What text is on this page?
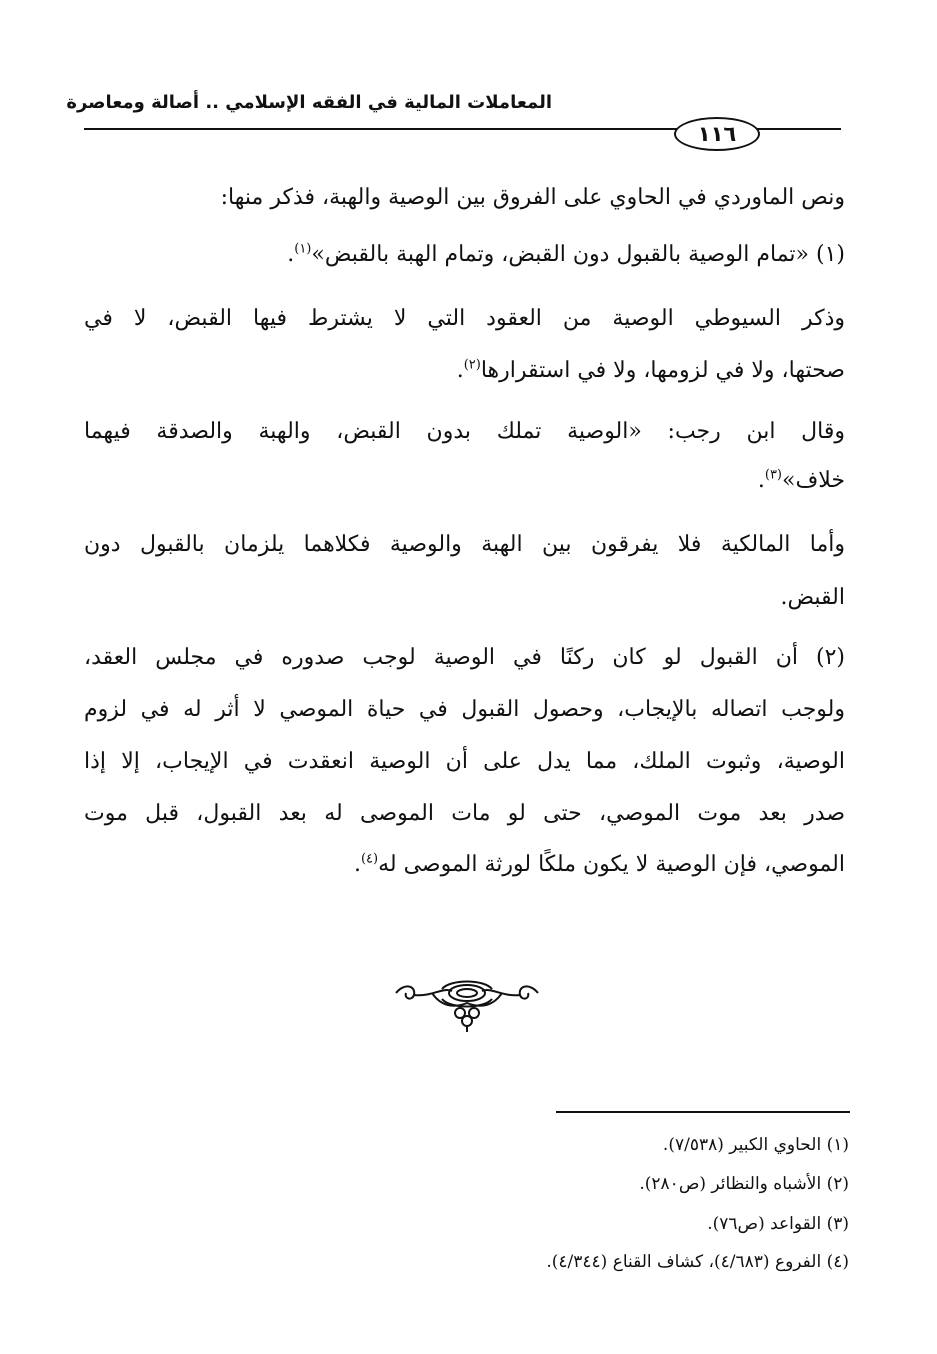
المعاملات المالية في الفقه الإسلامي .. أصالة ومعاصرة
١١٦
ونص الماوردي في الحاوي على الفروق بين الوصية والهبة، فذكر منها:
(١) «تمام الوصية بالقبول دون القبض، وتمام الهبة بالقبض»$^{(١)}$.
وذكر السيوطي الوصية من العقود التي لا يشترط فيها القبض، لا في
صحتها، ولا في لزومها، ولا في استقرارها$^{(٢)}$.
وقال ابن رجب: «الوصية تملك بدون القبض، والهبة والصدقة فيهما
خلاف»$^{(٣)}$.
وأما المالكية فلا يفرقون بين الهبة والوصية فكلاهما يلزمان بالقبول دون
القبض.
(٢) أن القبول لو كان ركنًا في الوصية لوجب صدوره في مجلس العقد،
ولوجب اتصاله بالإيجاب، وحصول القبول في حياة الموصي لا أثر له في لزوم
الوصية، وثبوت الملك، مما يدل على أن الوصية انعقدت في الإيجاب، إلا إذا
صدر بعد موت الموصي، حتى لو مات الموصى له بعد القبول، قبل موت
الموصي، فإن الوصية لا يكون ملكًا لورثة الموصى له$^{(٤)}$.
(١) الحاوي الكبير (٧/٥٣٨).
(٢) الأشباه والنظائر (ص٢٨٠).
(٣) القواعد (ص٧٦).
(٤) الفروع (٤/٦٨٣)، كشاف القناع (٤/٣٤٤).
